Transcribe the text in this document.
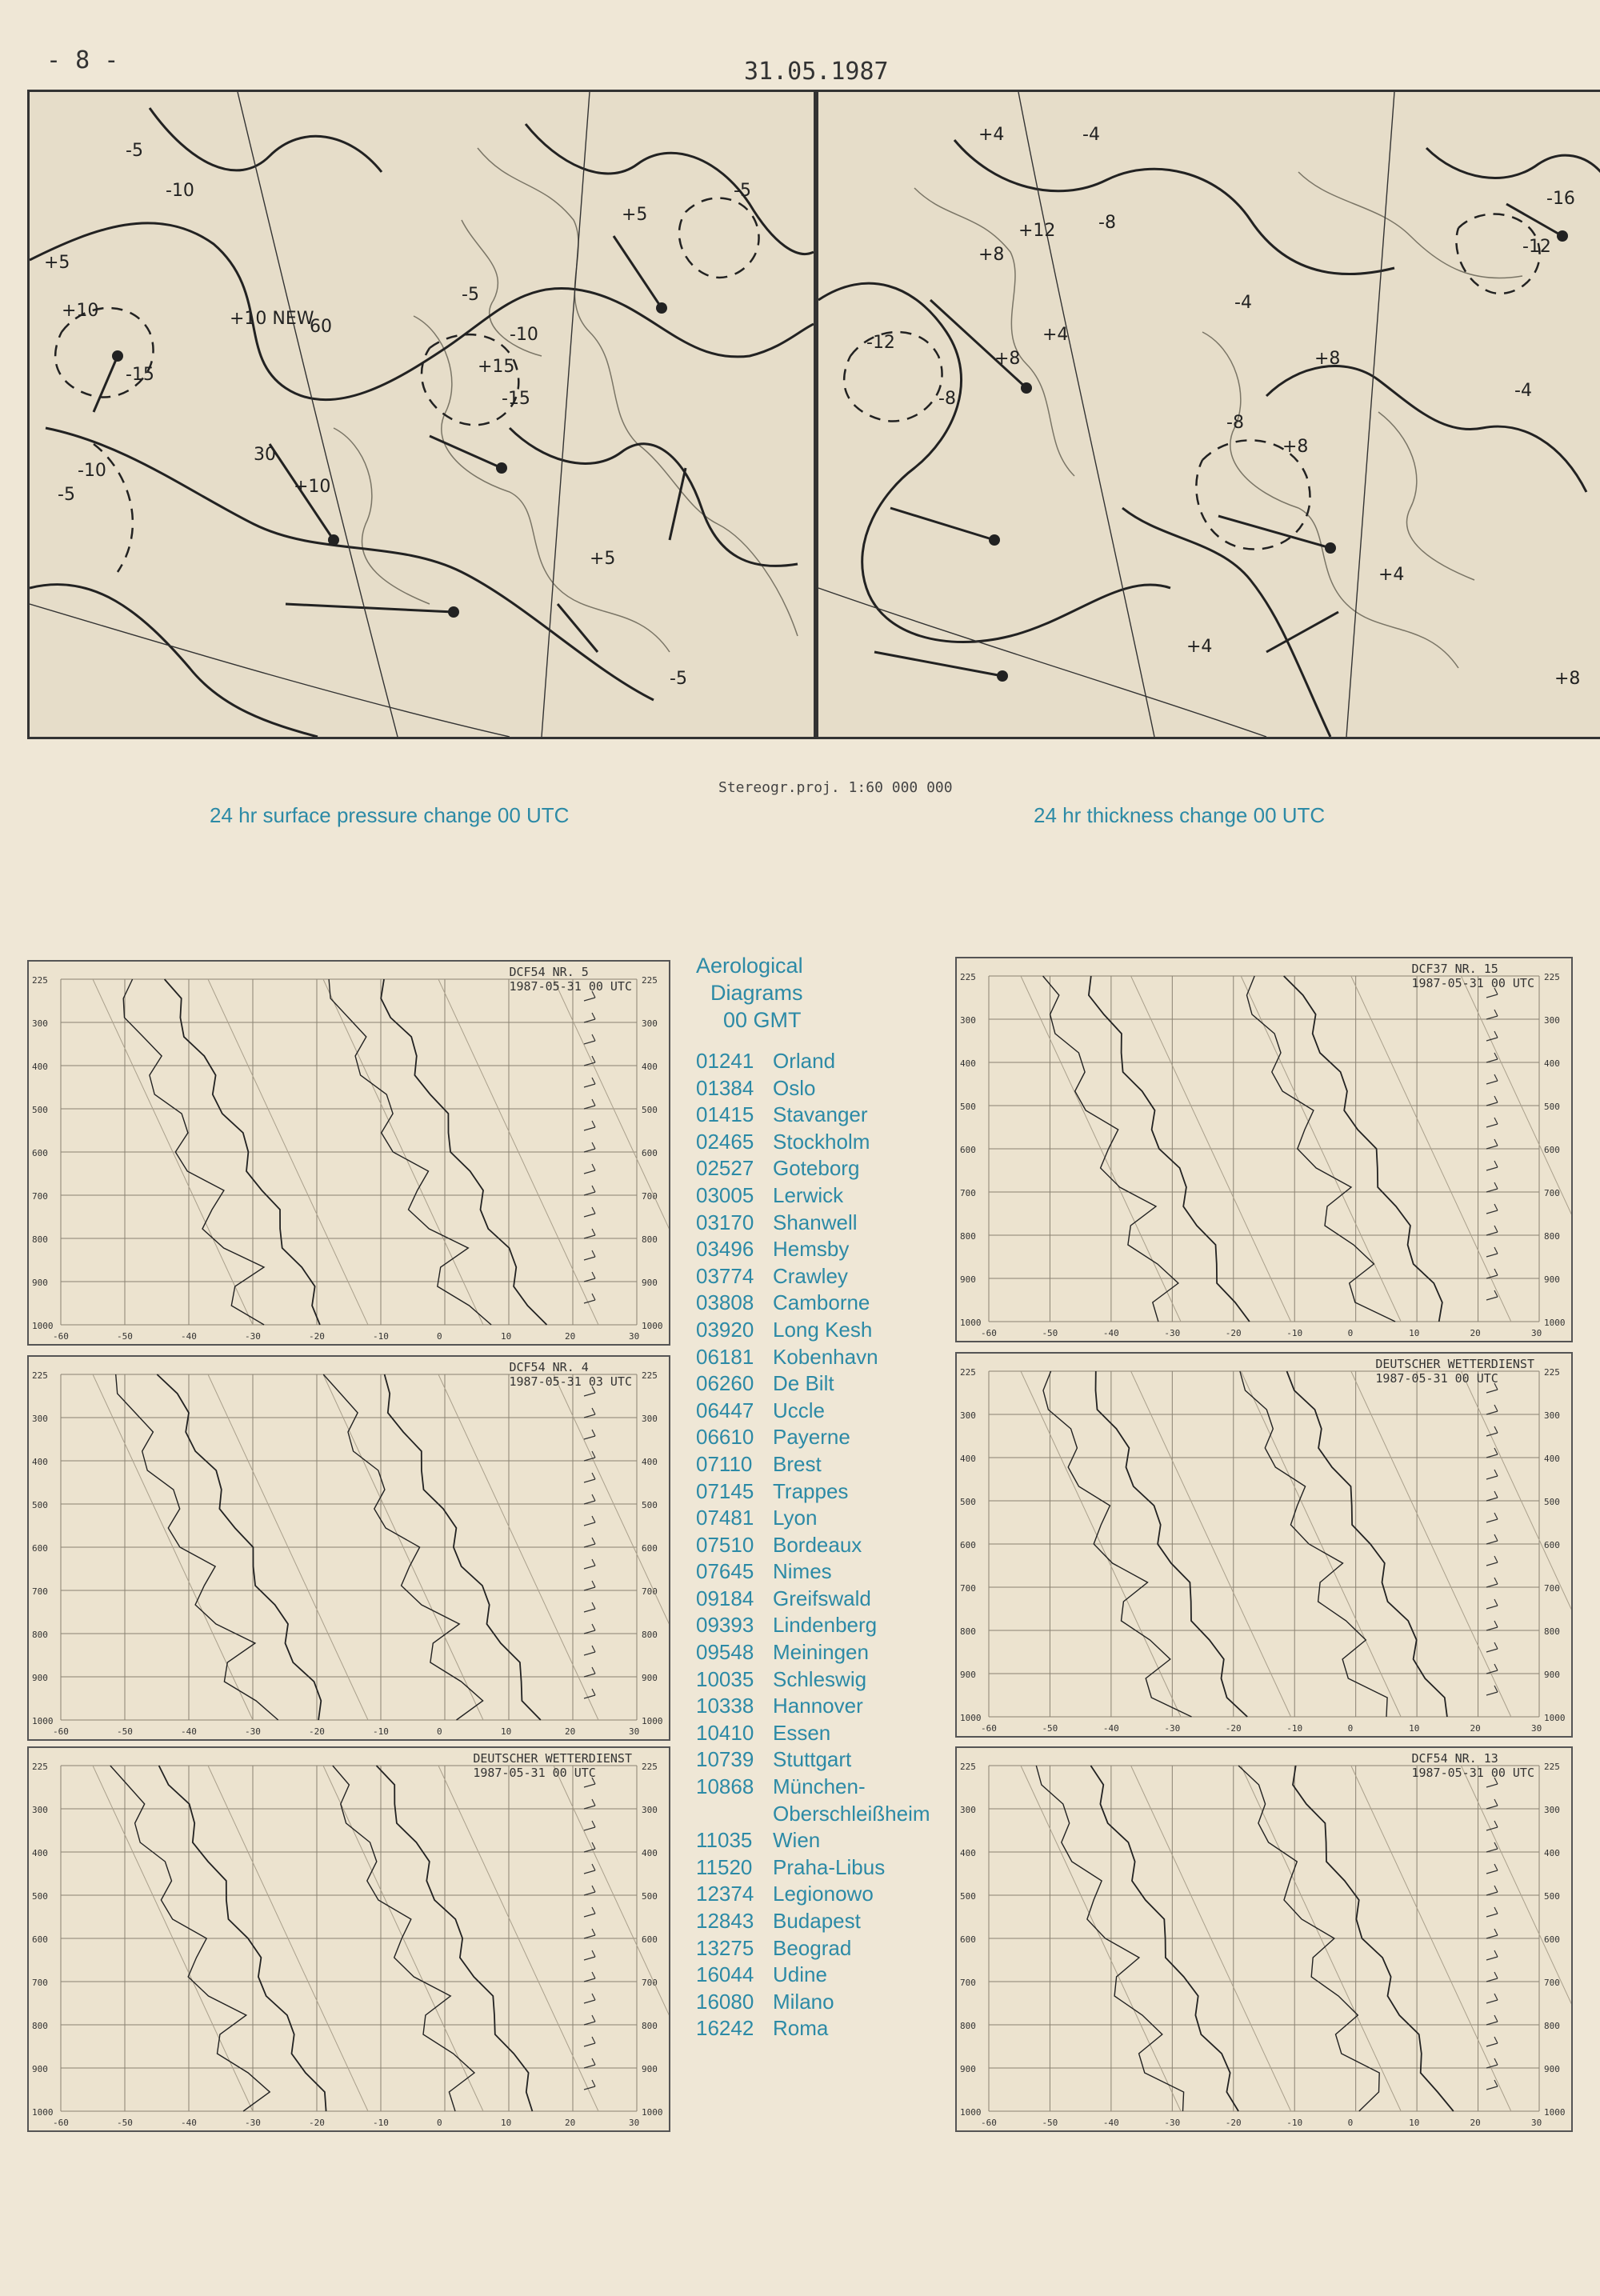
- 8 -	31.05.1987
+5
-5
-10
+10	+10 NEW
-15	+15
-10
-5	+10
+5
+5
-5
60
30
-5
-10
-15
-5
+4	-4
+12
+8
-8
-12
+8
-8
+4
-4
+8
+8
+4
-4
+4
-12
-16
+8
-8
Stereogr.proj. 1:60 000 000
24 hr surface pressure change 00 UTC	24 hr thickness change 00 UTC
225	225
300	300
400	400
500	500
600	600
700	700
800	800
900	900
1000	1000
-60	-50	-40	-30	-20	-10	0	10	20	30
DCF54 NR. 5
1987-05-31 00 UTC
225	225
300	300
400	400
500	500
600	600
700	700
800	800
900	900
1000	1000
-60	-50	-40	-30	-20	-10	0	10	20	30
DCF54 NR. 4
1987-05-31 03 UTC
225	225
300	300
400	400
500	500
600	600
700	700
800	800
900	900
1000	1000
-60	-50	-40	-30	-20	-10	0	10	20	30
DEUTSCHER WETTERDIENST
1987-05-31 00 UTC
225	225
300	300
400	400
500	500
600	600
700	700
800	800
900	900
1000	1000
-60	-50	-40	-30	-20	-10	0	10	20	30
DCF37 NR. 15
1987-05-31 00 UTC
225	225
300	300
400	400
500	500
600	600
700	700
800	800
900	900
1000	1000
-60	-50	-40	-30	-20	-10	0	10	20	30
DEUTSCHER WETTERDIENST
1987-05-31 00 UTC
225	225
300	300
400	400
500	500
600	600
700	700
800	800
900	900
1000	1000
-60	-50	-40	-30	-20	-10	0	10	20	30
DCF54 NR. 13
1987-05-31 00 UTC
Aerological
Diagrams
00 GMT
01241 Orland
01384 Oslo
01415 Stavanger
02465 Stockholm
02527 Goteborg
03005 Lerwick
03170 Shanwell
03496 Hemsby
03774 Crawley
03808 Camborne
03920 Long Kesh
06181 Kobenhavn
06260 De Bilt
06447 Uccle
06610 Payerne
07110 Brest
07145 Trappes
07481 Lyon
07510 Bordeaux
07645 Nimes
09184 Greifswald
09393 Lindenberg
09548 Meiningen
10035 Schleswig
10338 Hannover
10410 Essen
10739 Stuttgart
10868 München-
Oberschleißheim
11035 Wien
11520 Praha-Libus
12374 Legionowo
12843 Budapest
13275 Beograd
16044 Udine
16080 Milano
16242 Roma
